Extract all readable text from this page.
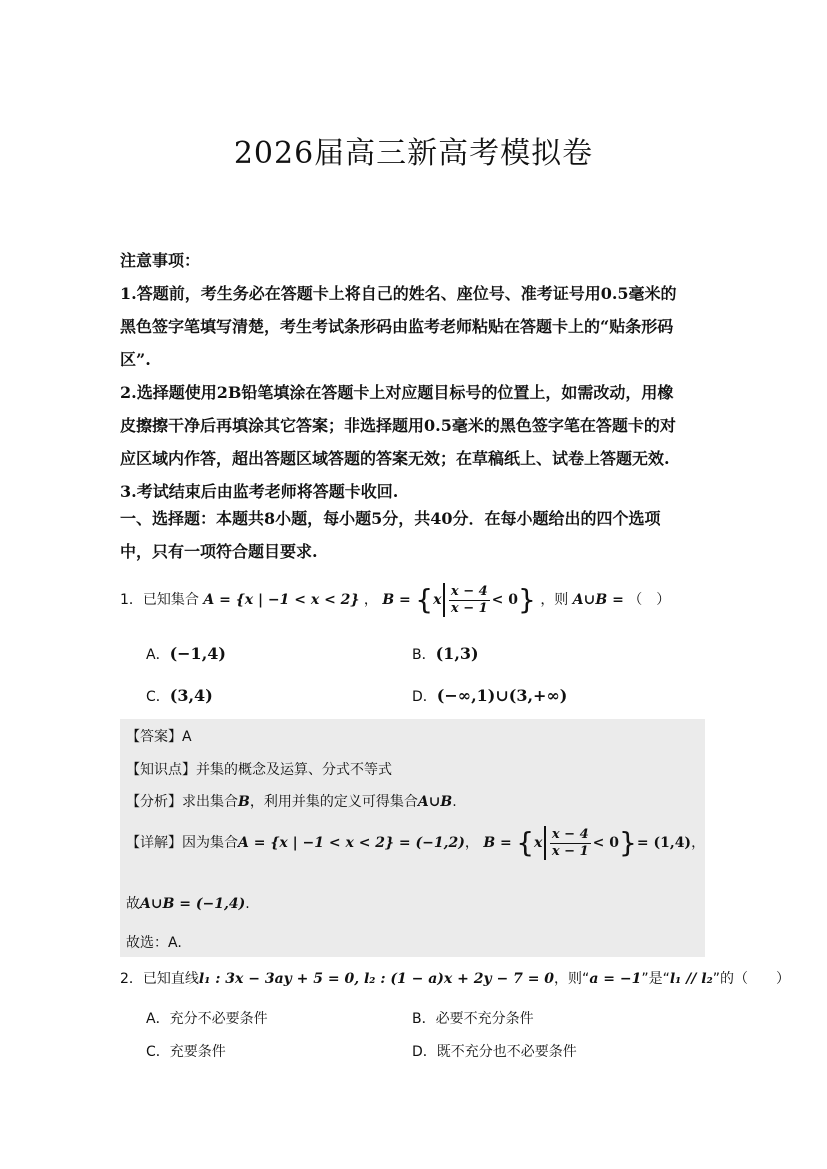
2026届高三新高考模拟卷
注意事项：
1.答题前，考生务必在答题卡上将自己的姓名、座位号、准考证号用0.5毫米的
黑色签字笔填写清楚，考生考试条形码由监考老师粘贴在答题卡上的“贴条形码
区”.
2.选择题使用2B铅笔填涂在答题卡上对应题目标号的位置上，如需改动，用橡
皮擦擦干净后再填涂其它答案；非选择题用0.5毫米的黑色签字笔在答题卡的对
应区域内作答，超出答题区域答题的答案无效；在草稿纸上、试卷上答题无效.
3.考试结束后由监考老师将答题卡收回.
一、选择题：本题共8小题，每小题5分，共40分．在每小题给出的四个选项
中，只有一项符合题目要求.
1．已知集合 A = {x | −1 < x < 2} ， $B = \{x \frac{x - 4}{x - 1} < 0\}$ ，则 A∪B = （　）
A．(−1,4)	B．(1,3)
C．(3,4)	D．(−∞,1)∪(3,+∞)
【答案】A
【知识点】并集的概念及运算、分式不等式
【分析】求出集合B，利用并集的定义可得集合A∪B.
【详解】因为集合A = {x | −1 < x < 2} = (−1,2)， $B = \{x \frac{x - 4}{x - 1} < 0\}= (1,4)$，
故A∪B = (−1,4).
故选：A.
2．已知直线l₁ : 3x − 3ay + 5 = 0, l₂ : (1 − a)x + 2y − 7 = 0，则“a = −1”是“l₁ // l₂”的（　　）
A．充分不必要条件	B．必要不充分条件
C．充要条件	D．既不充分也不必要条件
